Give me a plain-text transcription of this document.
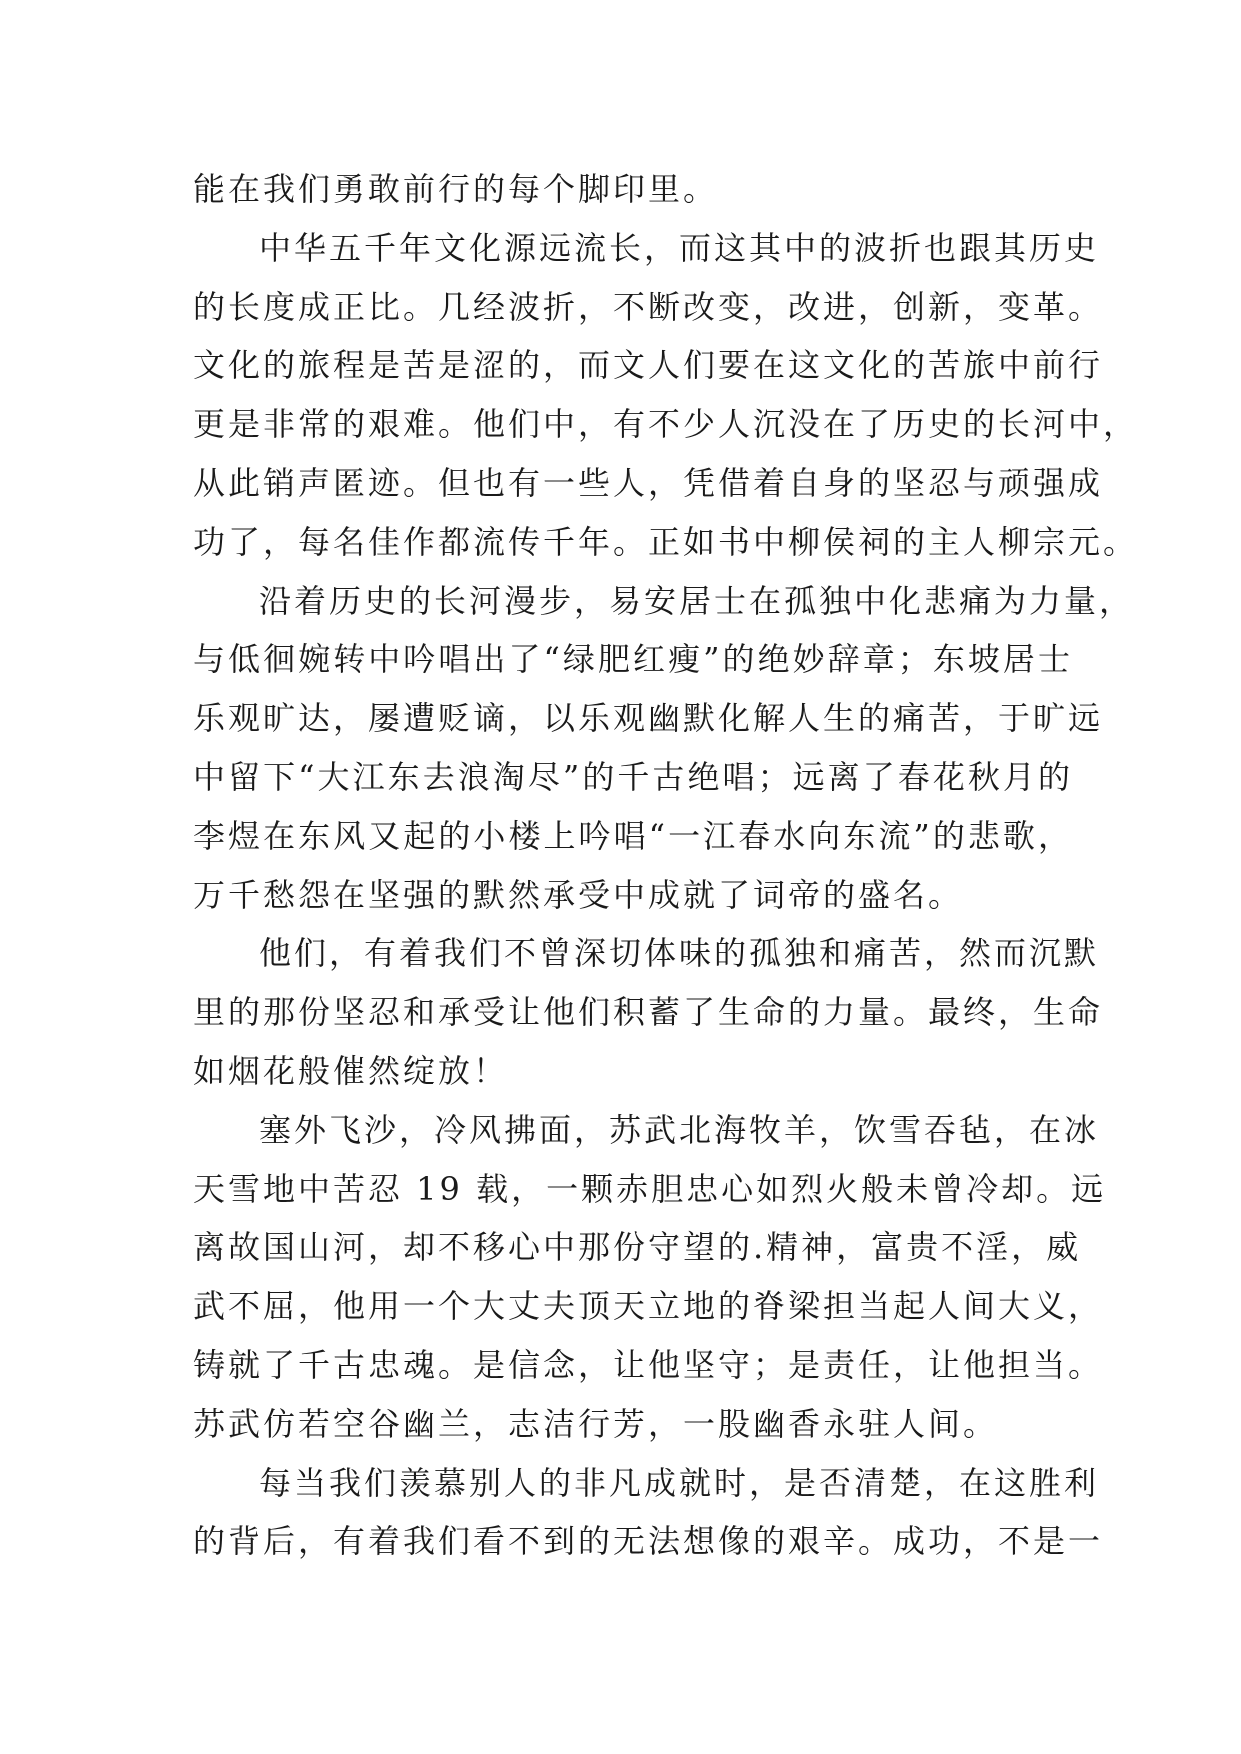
能在我们勇敢前行的每个脚印里。
中华五千年文化源远流长，而这其中的波折也跟其历史
的长度成正比。几经波折，不断改变，改进，创新，变革。
文化的旅程是苦是涩的，而文人们要在这文化的苦旅中前行
更是非常的艰难。他们中，有不少人沉没在了历史的长河中，
从此销声匿迹。但也有一些人，凭借着自身的坚忍与顽强成
功了，每名佳作都流传千年。正如书中柳侯祠的主人柳宗元。
沿着历史的长河漫步，易安居士在孤独中化悲痛为力量，
与低徊婉转中吟唱出了“绿肥红瘦”的绝妙辞章；东坡居士
乐观旷达，屡遭贬谪，以乐观幽默化解人生的痛苦，于旷远
中留下“大江东去浪淘尽”的千古绝唱；远离了春花秋月的
李煜在东风又起的小楼上吟唱“一江春水向东流”的悲歌，
万千愁怨在坚强的默然承受中成就了词帝的盛名。
他们，有着我们不曾深切体味的孤独和痛苦，然而沉默
里的那份坚忍和承受让他们积蓄了生命的力量。最终，生命
如烟花般催然绽放！
塞外飞沙，冷风拂面，苏武北海牧羊，饮雪吞毡，在冰
天雪地中苦忍 19 载，一颗赤胆忠心如烈火般未曾冷却。远
离故国山河，却不移心中那份守望的.精神，富贵不淫，威
武不屈，他用一个大丈夫顶天立地的脊梁担当起人间大义，
铸就了千古忠魂。是信念，让他坚守；是责任，让他担当。
苏武仿若空谷幽兰，志洁行芳，一股幽香永驻人间。
每当我们羡慕别人的非凡成就时，是否清楚，在这胜利
的背后，有着我们看不到的无法想像的艰辛。成功，不是一
